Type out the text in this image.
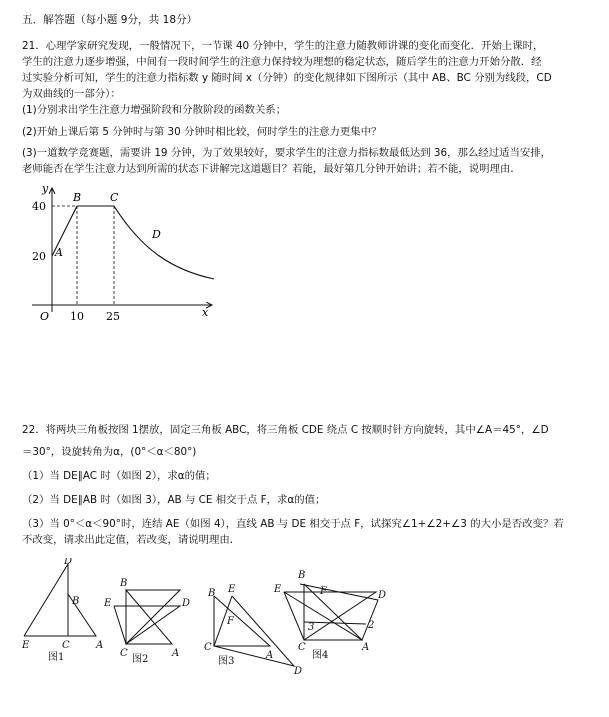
五．解答题（每小题 9分，共 18分）
21．心理学家研究发现，一般情况下，一节课 40 分钟中，学生的注意力随教师讲课的变化而变化．开始上课时，
学生的注意力逐步增强，中间有一段时间学生的注意力保持较为理想的稳定状态，随后学生的注意力开始分散．经
过实验分析可知，学生的注意力指标数 y 随时间 x（分钟）的变化规律如下图所示（其中 AB、BC 分别为线段，CD
为双曲线的一部分）：
(1)分别求出学生注意力增强阶段和分散阶段的函数关系；
(2)开始上课后第 5 分钟时与第 30 分钟时相比较，何时学生的注意力更集中？
(3)一道数学竞赛题，需要讲 19 分钟，为了效果较好，要求学生的注意力指标数最低达到 36，那么经过适当安排，
老师能否在学生注意力达到所需的状态下讲解完这道题目？若能，最好第几分钟开始讲；若不能，说明理由．
y
x
O
40
20
10 25
A
B	C
D
22．将两块三角板按图 1摆放，固定三角板 ABC，将三角板 CDE 绕点 C 按顺时针方向旋转，其中∠A＝45°，∠D
＝30°，设旋转角为α，(0°＜α＜80°)
（1）当 DE∥AC 时（如图 2），求α的值；
（2）当 DE∥AB 时（如图 3），AB 与 CE 相交于点 F，求α的值；
（3）当 0°＜α＜90°时，连结 AE（如图 4），直线 AB 与 DE 相交于点 F，试探究∠1+∠2+∠3 的大小是否改变？若
不改变，请求出此定值，若改变，请说明理由．
D
B
E	C	A
图1
B
E	D
C	A
图2
B E
F
C
A
D
图3
B
E	F	D
3	2
C	A
图4
